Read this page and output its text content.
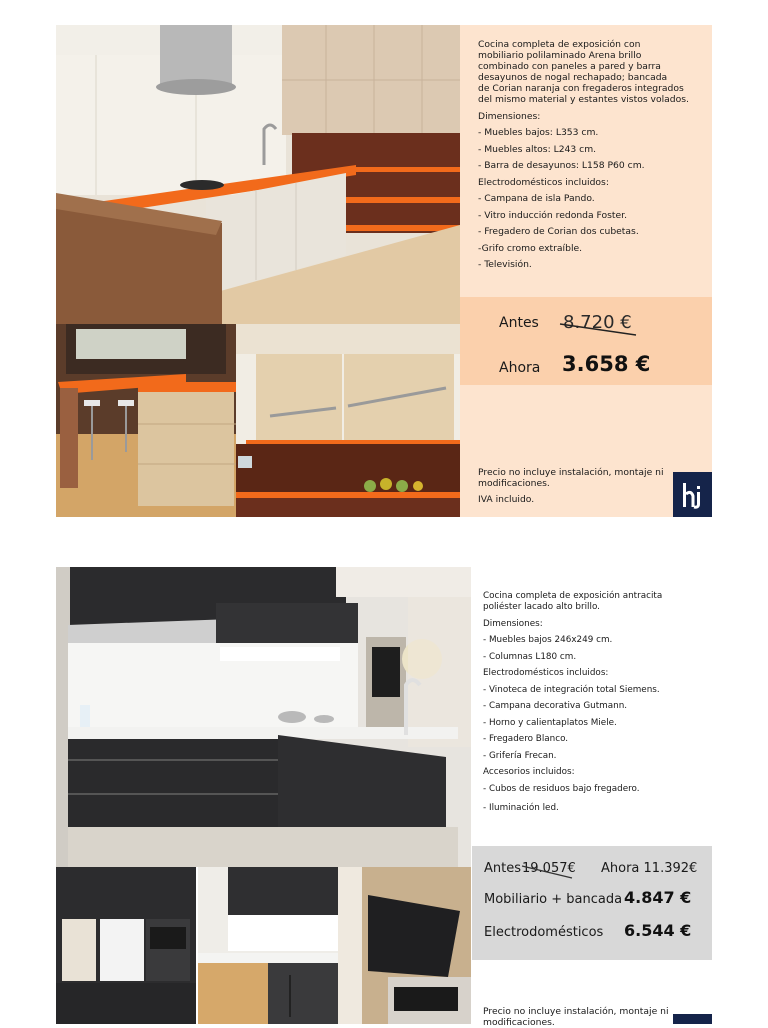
Cocina completa de exposición con

mobiliario polilaminado Arena brillo

combinado con paneles a pared y barra

desayunos de nogal rechapado; bancada

de Corian naranja con fregaderos integrados

del mismo material y estantes vistos volados.

Dimensiones:

- Muebles bajos: L353 cm.

- Muebles altos: L243 cm.

- Barra de desayunos: L158 P60 cm.

Electrodomésticos incluidos:

- Campana de isla Pando.

- Vitro inducción redonda Foster.

- Fregadero de Corian dos cubetas.

-Grifo cromo extraíble.

- Televisión.

Antes 8.720 €
Ahora 3.658 €
Precio no incluye instalación, montaje ni
modificaciones.
IVA incluido.

Cocina completa de exposición antracita

poliéster lacado alto brillo.

Dimensiones:

- Muebles bajos 246x249 cm.

- Columnas L180 cm.

Electrodomésticos incluidos:

- Vinoteca de integración total Siemens.

- Campana decorativa Gutmann.

- Horno y calientaplatos Miele.

- Fregadero Blanco.

- Grifería Frecan.

Accesorios incluidos:

- Cubos de residuos bajo fregadero.

- Iluminación led.

Antes 19.057€ Ahora 11.392€
Mobiliario + bancada 4.847 €
Electrodomésticos 6.544 €
Precio no incluye instalación, montaje ni
modificaciones.
